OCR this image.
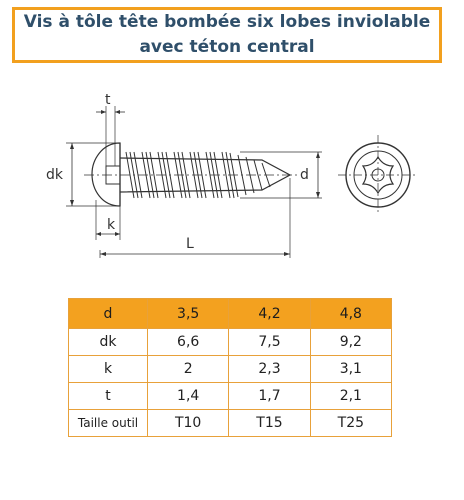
Vis à tôle tête bombée six lobes inviolable
avec téton central
t
dk
k
L
d
d	3,5	4,2	4,8
dk	6,6	7,5	9,2
k	2	2,3	3,1
t	1,4	1,7	2,1
Taille outil	T10	T15	T25
